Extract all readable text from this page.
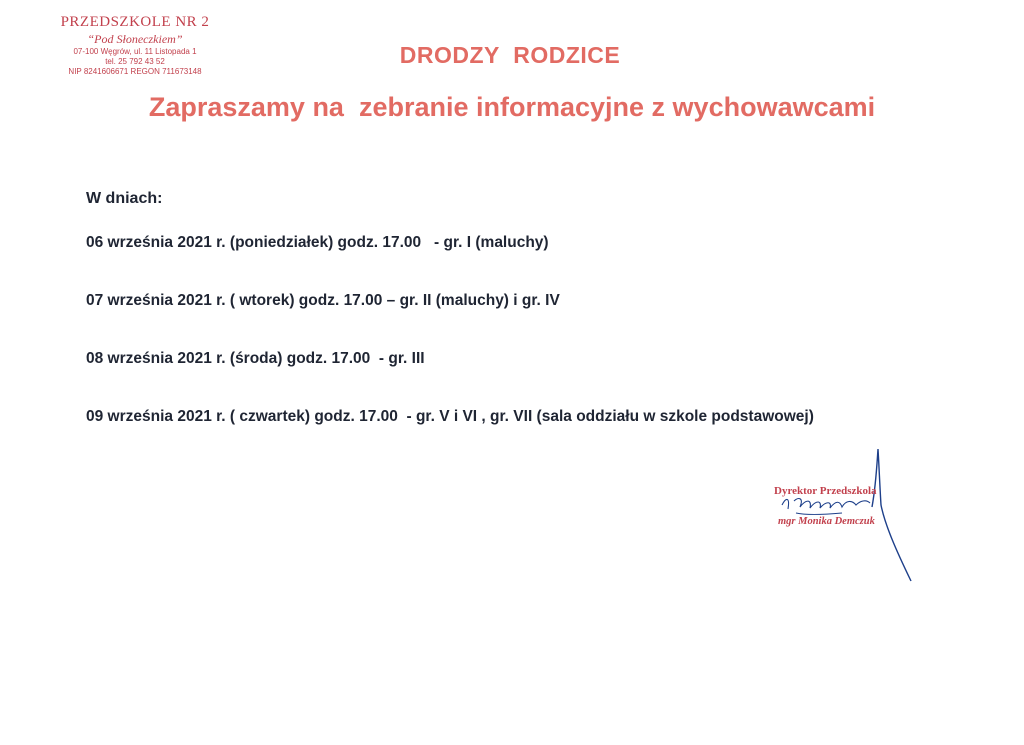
PRZEDSZKOLE NR 2
“Pod Słoneczkiem”
07-100 Węgrów, ul. 11 Listopada 1
tel. 25 792 43 52
NIP 8241606671 REGON 711673148
DRODZY  RODZICE
Zapraszamy na  zebranie informacyjne z wychowawcami
W dniach:
06 września 2021 r. (poniedziałek) godz. 17.00   - gr. I (maluchy)
07 września 2021 r. ( wtorek) godz. 17.00 – gr. II (maluchy) i gr. IV
08 września 2021 r. (środa) godz. 17.00  - gr. III
09 września 2021 r. ( czwartek) godz. 17.00  - gr. V i VI , gr. VII (sala oddziału w szkole podstawowej)
Dyrektor Przedszkola
mgr Monika Demczuk
